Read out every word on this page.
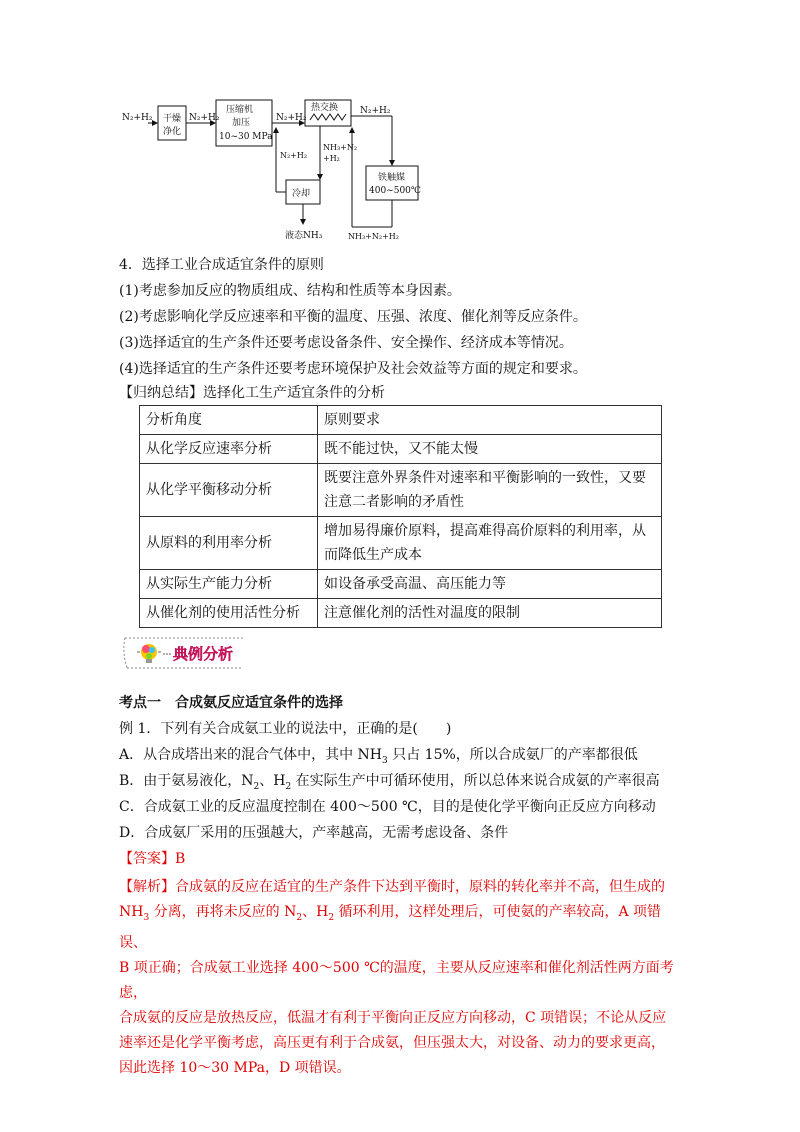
N₂+H₂ 干燥
净化
N₂+H₂
压缩机
加压
10~30 MPa
N₂+H₂
热交换 N₂+H₂
N₂+H₂
NH₃+N₂
+H₂
冷却
铁触媒
400~500℃
液态NH₃	NH₃+N₂+H₂
4．选择工业合成适宜条件的原则
(1)考虑参加反应的物质组成、结构和性质等本身因素。
(2)考虑影响化学反应速率和平衡的温度、压强、浓度、催化剂等反应条件。
(3)选择适宜的生产条件还要考虑设备条件、安全操作、经济成本等情况。
(4)选择适宜的生产条件还要考虑环境保护及社会效益等方面的规定和要求。
【归纳总结】选择化工生产适宜条件的分析
分析角度	原则要求
从化学反应速率分析	既不能过快，又不能太慢
从化学平衡移动分析	既要注意外界条件对速率和平衡影响的一致性，又要注意二者影响的矛盾性
从原料的利用率分析	增加易得廉价原料，提高难得高价原料的利用率，从而降低生产成本
从实际生产能力分析	如设备承受高温、高压能力等
从催化剂的使用活性分析	注意催化剂的活性对温度的限制
典例分析
考点一　合成氨反应适宜条件的选择
例 1．下列有关合成氨工业的说法中，正确的是(　　)
A．从合成塔出来的混合气体中，其中 $NH_3$ 只占 15%，所以合成氨厂的产率都很低
B．由于氨易液化，$N_2$、$H_2$ 在实际生产中可循环使用，所以总体来说合成氨的产率很高
C．合成氨工业的反应温度控制在 400～500 ℃，目的是使化学平衡向正反应方向移动
D．合成氨厂采用的压强越大，产率越高，无需考虑设备、条件
【答案】B
【解析】合成氨的反应在适宜的生产条件下达到平衡时，原料的转化率并不高，但生成的
$NH_3$ 分离，再将未反应的 $N_2$、$H_2$ 循环利用，这样处理后，可使氨的产率较高，A 项错误、
B 项正确；合成氨工业选择 400～500 ℃的温度，主要从反应速率和催化剂活性两方面考虑，
合成氨的反应是放热反应，低温才有利于平衡向正反应方向移动，C 项错误；不论从反应
速率还是化学平衡考虑，高压更有利于合成氨，但压强太大，对设备、动力的要求更高，
因此选择 10～30 MPa，D 项错误。
